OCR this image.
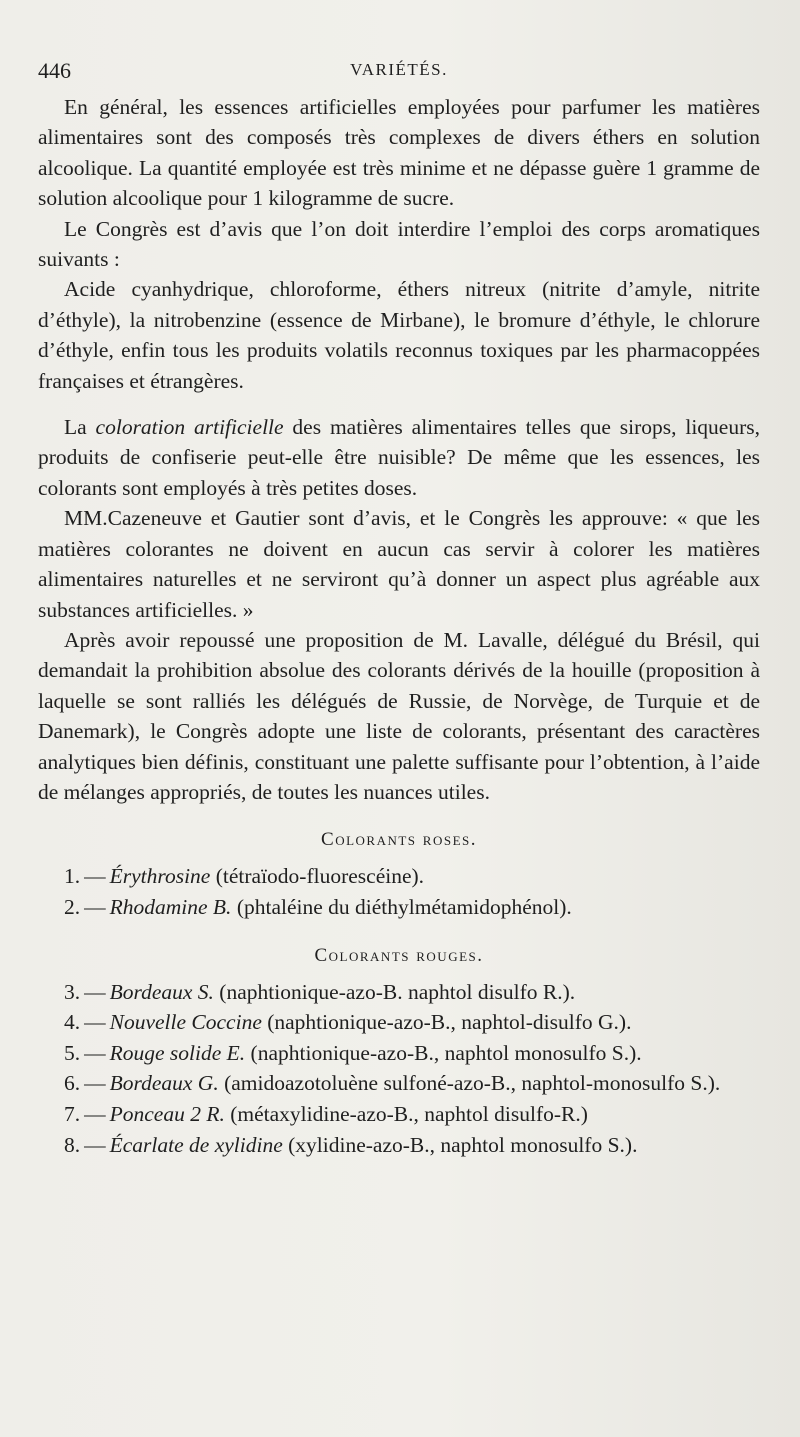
446	VARIÉTÉS.

En général, les essences artificielles employées pour parfumer les matières alimentaires sont des composés très complexes de divers éthers en solution alcoolique. La quantité employée est très minime et ne dépasse guère 1 gramme de solution alcoolique pour 1 kilogramme de sucre.

Le Congrès est d’avis que l’on doit interdire l’emploi des corps aromatiques suivants :

Acide cyanhydrique, chloroforme, éthers nitreux (nitrite d’amyle, nitrite d’éthyle), la nitrobenzine (essence de Mirbane), le bromure d’éthyle, le chlorure d’éthyle, enfin tous les produits volatils reconnus toxiques par les pharmacoppées françaises et étrangères.

La coloration artificielle des matières alimentaires telles que sirops, liqueurs, produits de confiserie peut-elle être nuisible? De même que les essences, les colorants sont employés à très petites doses.

MM.Cazeneuve et Gautier sont d’avis, et le Congrès les approuve: « que les matières colorantes ne doivent en aucun cas servir à colorer les matières alimentaires naturelles et ne serviront qu’à donner un aspect plus agréable aux substances artificielles. »

Après avoir repoussé une proposition de M. Lavalle, délégué du Brésil, qui demandait la prohibition absolue des colorants dérivés de la houille (proposition à laquelle se sont ralliés les délégués de Russie, de Norvège, de Turquie et de Danemark), le Congrès adopte une liste de colorants, présentant des caractères analytiques bien définis, constituant une palette suffisante pour l’obtention, à l’aide de mélanges appropriés, de toutes les nuances utiles.

Colorants roses.

1. — Érythrosine (tétraïodo-fluorescéine).

2. — Rhodamine B. (phtaléine du diéthylmétamidophénol).

Colorants rouges.

3. — Bordeaux S. (naphtionique-azo-B. naphtol disulfo R.).

4. — Nouvelle Coccine (naphtionique-azo-B., naphtol-disulfo G.).

5. — Rouge solide E. (naphtionique-azo-B., naphtol monosulfo S.).

6. — Bordeaux G. (amidoazotoluène sulfoné-azo-B., naphtol-monosulfo S.).

7. — Ponceau 2 R. (métaxylidine-azo-B., naphtol disulfo-R.)

8. — Écarlate de xylidine (xylidine-azo-B., naphtol monosulfo S.).
